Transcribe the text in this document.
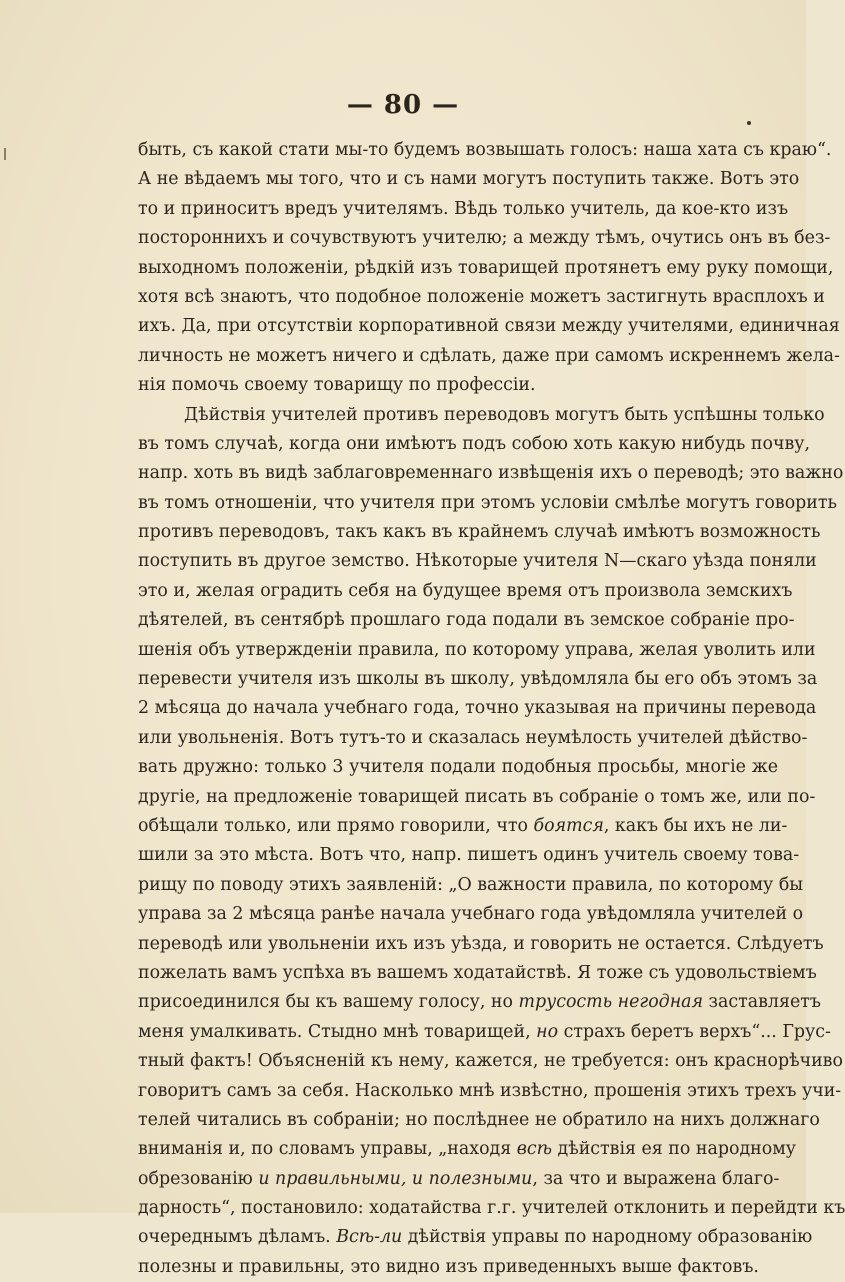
— 80 —
быть, съ какой стати мы-то будемъ возвышать голосъ: наша хата съ краю“.
А не вѣдаемъ мы того, что и съ нами могутъ поступить также. Вотъ это
то и приноситъ вредъ учителямъ. Вѣдь только учитель, да кое-кто изъ
постороннихъ и сочувствуютъ учителю; а между тѣмъ, очутись онъ въ без-
выходномъ положеніи, рѣдкій изъ товарищей протянетъ ему руку помощи,
хотя всѣ знаютъ, что подобное положеніе можетъ застигнуть врасплохъ и
ихъ. Да, при отсутствіи корпоративной связи между учителями, единичная
личность не можетъ ничего и сдѣлать, даже при самомъ искреннемъ жела-
нія помочь своему товарищу по профессіи.
Дѣйствія учителей противъ переводовъ могутъ быть успѣшны только
въ томъ случаѣ, когда они имѣютъ подъ собою хоть какую нибудь почву,
напр. хоть въ видѣ заблаговременнаго извѣщенія ихъ о переводѣ; это важно
въ томъ отношеніи, что учителя при этомъ условіи смѣлѣе могутъ говорить
противъ переводовъ, такъ какъ въ крайнемъ случаѣ имѣютъ возможность
поступить въ другое земство. Нѣкоторые учителя N—скаго уѣзда поняли
это и, желая оградить себя на будущее время отъ произвола земскихъ
дѣятелей, въ сентябрѣ прошлаго года подали въ земское собраніе про-
шенія объ утвержденіи правила, по которому управа, желая уволить или
перевести учителя изъ школы въ школу, увѣдомляла бы его объ этомъ за
2 мѣсяца до начала учебнаго года, точно указывая на причины перевода
или увольненія. Вотъ тутъ-то и сказалась неумѣлость учителей дѣйство-
вать дружно: только 3 учителя подали подобныя просьбы, многіе же
другіе, на предложеніе товарищей писать въ собраніе о томъ же, или по-
обѣщали только, или прямо говорили, что боятся, какъ бы ихъ не ли-
шили за это мѣста. Вотъ что, напр. пишетъ одинъ учитель своему това-
рищу по поводу этихъ заявленій: „О важности правила, по которому бы
управа за 2 мѣсяца ранѣе начала учебнаго года увѣдомляла учителей о
переводѣ или увольненіи ихъ изъ уѣзда, и говорить не остается. Слѣдуетъ
пожелать вамъ успѣха въ вашемъ ходатайствѣ. Я тоже съ удовольствіемъ
присоединился бы къ вашему голосу, но трусость негодная заставляетъ
меня умалкивать. Стыдно мнѣ товарищей, но страхъ беретъ верхъ“... Грус-
тный фактъ! Объясненій къ нему, кажется, не требуется: онъ краснорѣчиво
говоритъ самъ за себя. Насколько мнѣ извѣстно, прошенія этихъ трехъ учи-
телей читались въ собраніи; но послѣднее не обратило на нихъ должнаго
вниманія и, по словамъ управы, „находя всѣ дѣйствія ея по народному
обрезованію и правильными, и полезными, за что и выражена благо-
дарность“, постановило: ходатайства г.г. учителей отклонить и перейдти къ
очереднымъ дѣламъ. Всѣ-ли дѣйствія управы по народному образованію
полезны и правильны, это видно изъ приведенныхъ выше фактовъ.
